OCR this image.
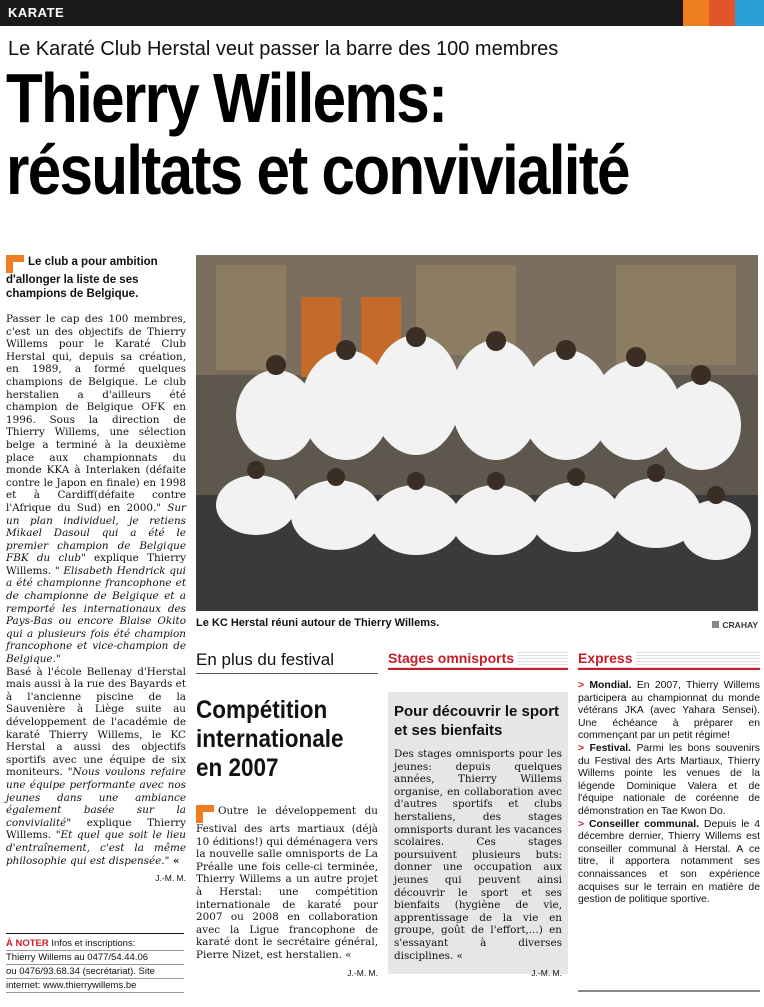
KARATE
Le Karaté Club Herstal veut passer la barre des 100 membres
Thierry Willems:
résultats et convivialité
Le club a pour ambition d'allonger la liste de ses champions de Belgique.

Passer le cap des 100 membres, c'est un des objectifs de Thierry Willems pour le Karaté Club Herstal qui, depuis sa création, en 1989, a formé quelques champions de Belgique. Le club herstalien a d'ailleurs été champion de Belgique OFK en 1996. Sous la direction de Thierry Willems, une sélection belge a terminé à la deuxième place aux championnats du monde KKA à Interlaken (défaite contre le Japon en finale) en 1998 et à Cardiff(défaite contre l'Afrique du Sud) en 2000." Sur un plan individuel, je retiens Mikael Dasoul qui a été le premier champion de Belgique FBK du club" explique Thierry Willems. " Elisabeth Hendrick qui a été championne francophone et de championne de Belgique et a remporté les internationaux des Pays-Bas ou encore Blaise Okito qui a plusieurs fois été champion francophone et vice-champion de Belgique."

Basé à l'école Bellenay d'Herstal mais aussi à la rue des Bayards et à l'ancienne piscine de la Sauvenière à Liège suite au développement de l'académie de karaté Thierry Willems, le KC Herstal a aussi des objectifs sportifs avec une équipe de six moniteurs. "Nous voulons refaire une équipe performante avec nos jeunes dans une ambiance également basée sur la convivialité" explique Thierry Willems. "Et quel que soit le lieu d'entraînement, c'est la même philosophie qui est dispensée." «

J.-M. M.
À NOTER Infos et inscriptions:
Thierry Willems au 0477/54.44.06
ou 0476/93.68.34 (secrétariat). Site
internet: www.thierrywillems.be
Le KC Herstal réuni autour de Thierry Willems.	CRAHAY
En plus du festival
Compétition
internationale
en 2007
Outre le développement du Festival des arts martiaux (déjà 10 éditions!) qui déménagera vers la nouvelle salle omnisports de La Préalle une fois celle-ci terminée, Thierry Willems a un autre projet à Herstal: une compétition internationale de karaté pour 2007 ou 2008 en collaboration avec la Ligue francophone de karaté dont le secrétaire général, Pierre Nizet, est herstalien. «
J.-M. M.
Stages omnisports
Pour découvrir le sport et ses bienfaits
Des stages omnisports pour les jeunes: depuis quelques années, Thierry Willems organise, en collaboration avec d'autres sportifs et clubs herstaliens, des stages omnisports durant les vacances scolaires. Ces stages poursuivent plusieurs buts: donner une occupation aux jeunes qui peuvent ainsi découvrir le sport et ses bienfaits (hygiène de vie, apprentissage de la vie en groupe, goût de l'effort,...) en s'essayant à diverses disciplines. «
J.-M. M.
Express
> Mondial. En 2007, Thierry Willems participera au championnat du monde vétérans JKA (avec Yahara Sensei). Une échéance à préparer en commençant par un petit régime!
> Festival. Parmi les bons souvenirs du Festival des Arts Martiaux, Thierry Willems pointe les venues de la légende Dominique Valera et de l'équipe nationale de coréenne de démonstration en Tae Kwon Do.
> Conseiller communal. Depuis le 4 décembre dernier, Thierry Willems est conseiller communal à Herstal. A ce titre, il apportera notamment ses connaissances et son expérience acquises sur le terrain en matière de gestion de politique sportive.
